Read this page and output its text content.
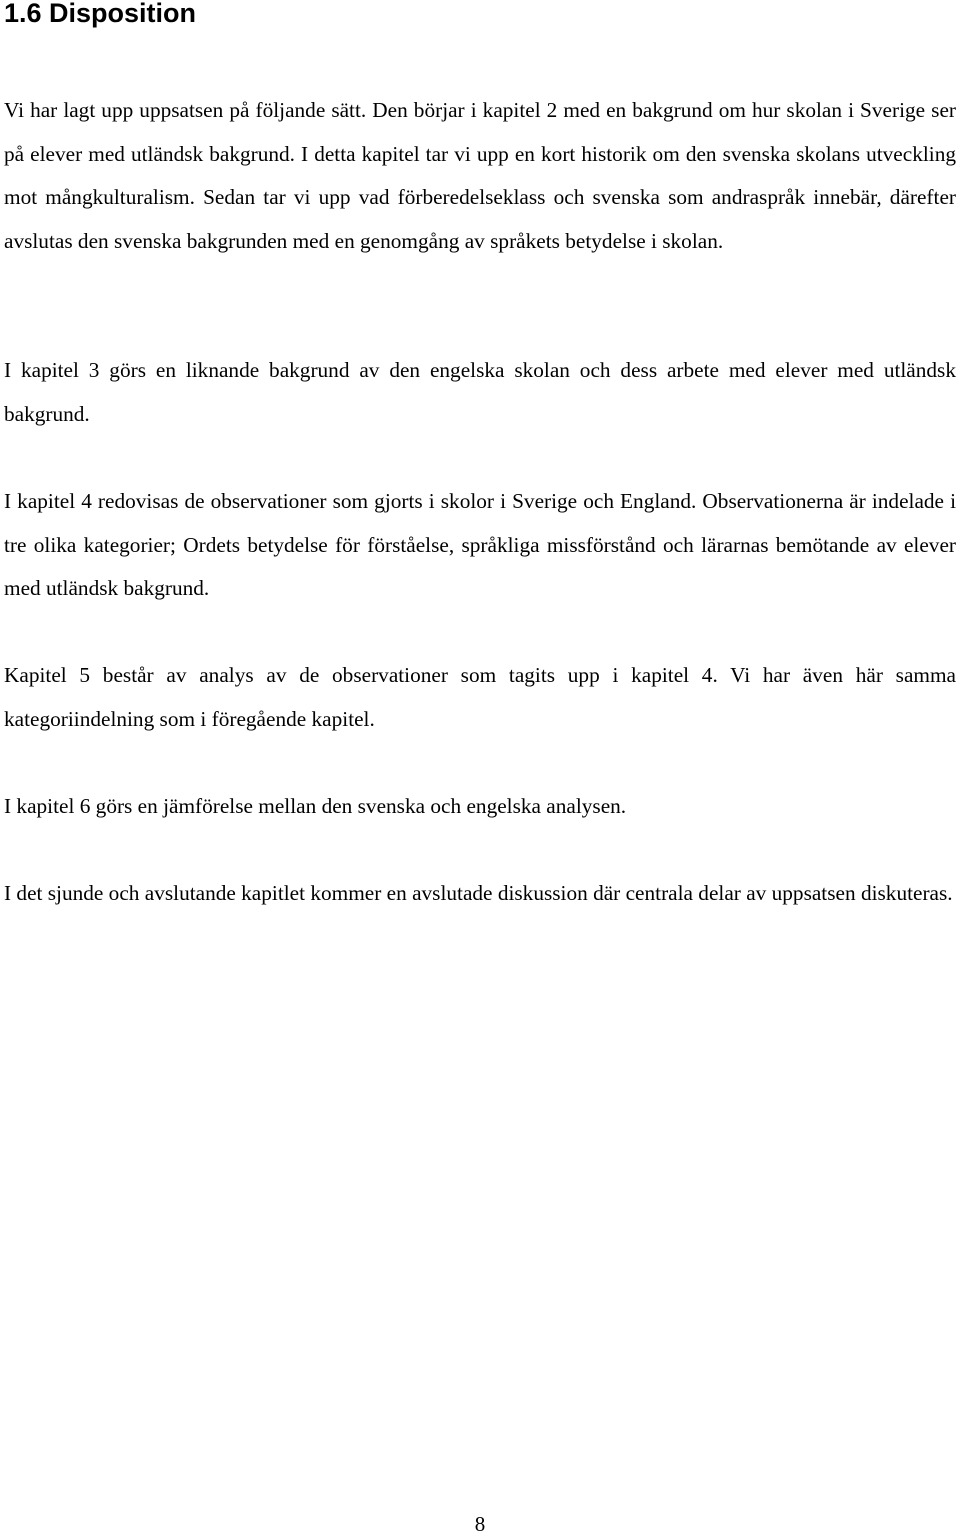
1.6 Disposition

Vi har lagt upp uppsatsen på följande sätt. Den börjar i kapitel 2 med en bakgrund om hur skolan i Sverige ser på elever med utländsk bakgrund. I detta kapitel tar vi upp en kort historik om den svenska skolans utveckling mot mångkulturalism. Sedan tar vi upp vad förberedelseklass och svenska som andraspråk innebär, därefter avslutas den svenska bakgrunden med en genomgång av språkets betydelse i skolan.

I kapitel 3 görs en liknande bakgrund av den engelska skolan och dess arbete med elever med utländsk bakgrund.

I kapitel 4 redovisas de observationer som gjorts i skolor i Sverige och England. Observationerna är indelade i tre olika kategorier; Ordets betydelse för förståelse, språkliga missförstånd och lärarnas bemötande av elever med utländsk bakgrund.

Kapitel 5 består av analys av de observationer som tagits upp i kapitel 4. Vi har även här samma kategoriindelning som i föregående kapitel.

I kapitel 6 görs en jämförelse mellan den svenska och engelska analysen.

I det sjunde och avslutande kapitlet kommer en avslutade diskussion där centrala delar av uppsatsen diskuteras.

8
